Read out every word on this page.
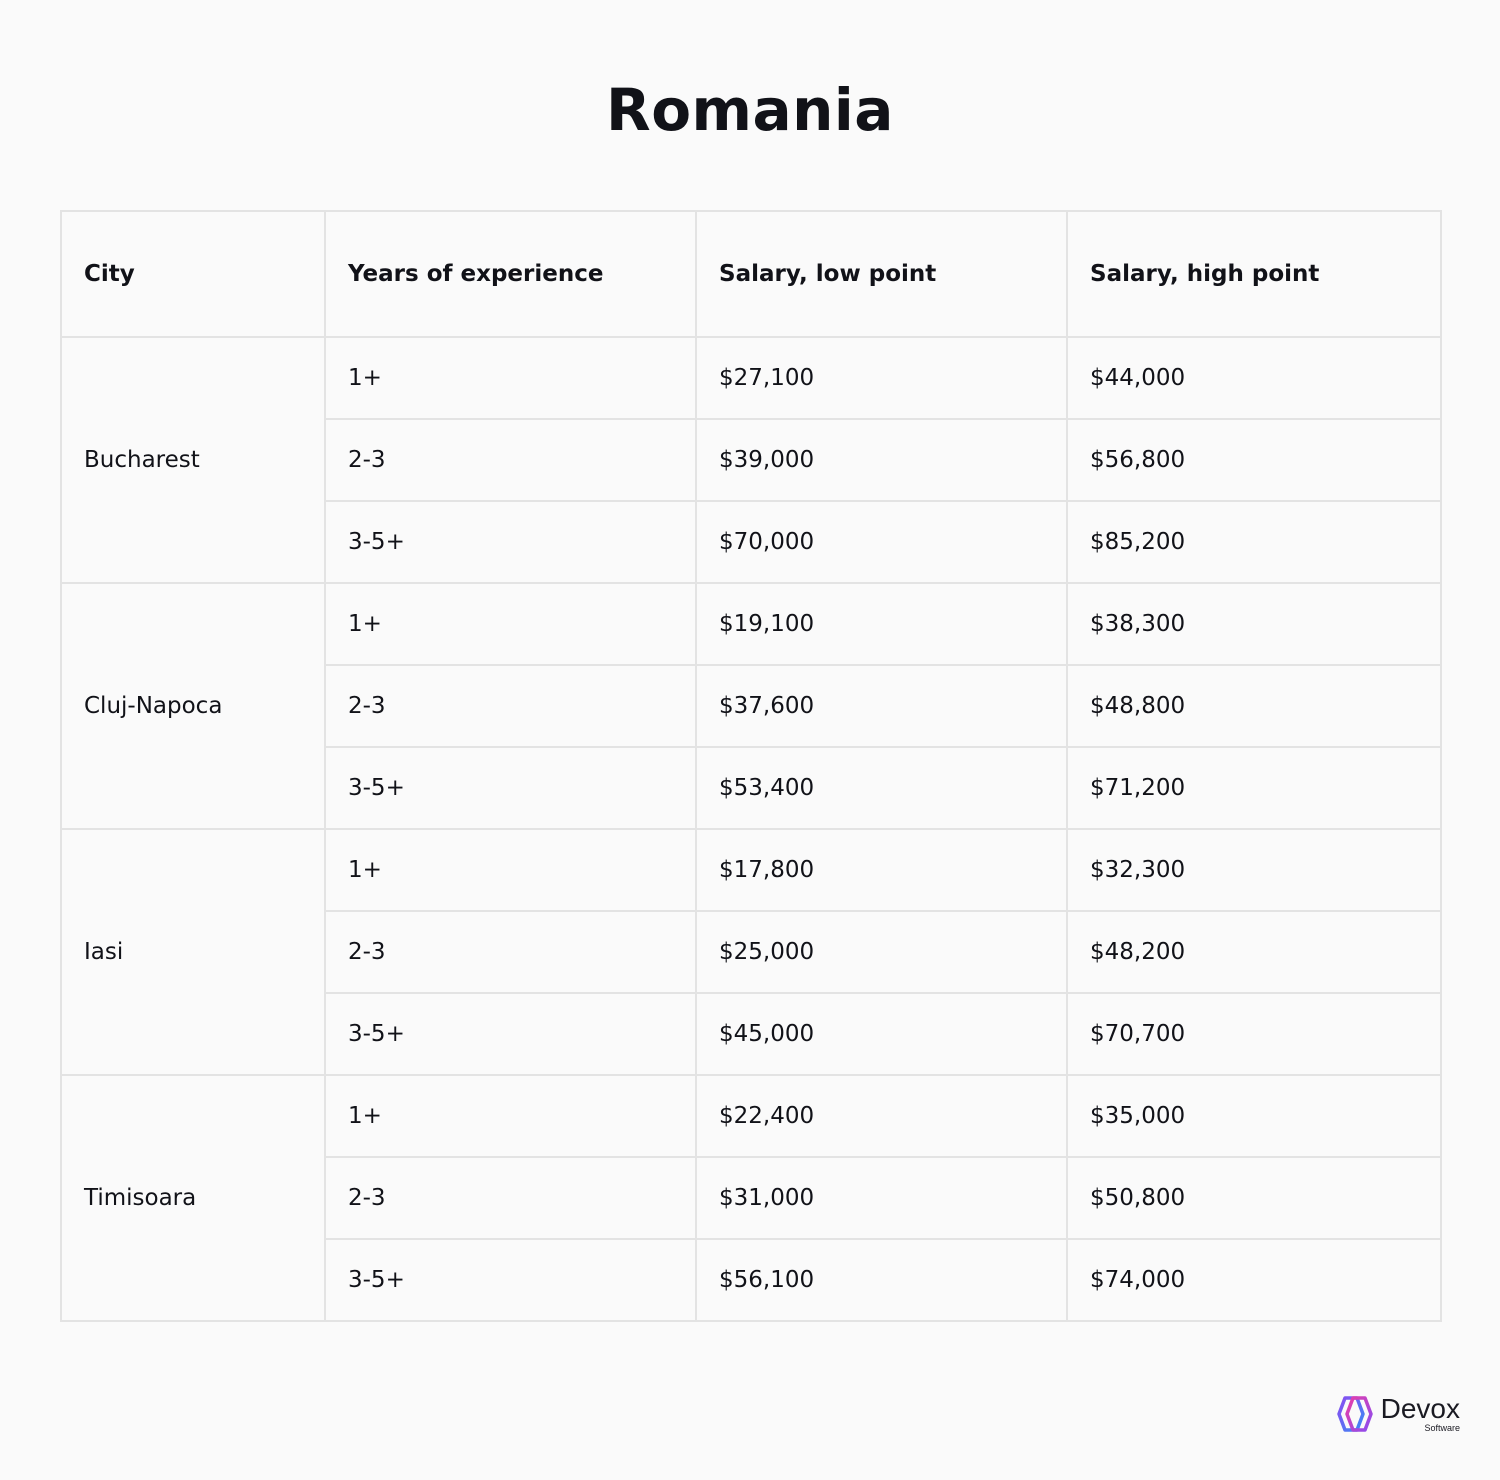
Romania
City	Years of experience	Salary, low point	Salary, high point
Bucharest	1+	$27,100	$44,000
	2-3	$39,000	$56,800
	3-5+	$70,000	$85,200
Cluj-Napoca	1+	$19,100	$38,300
	2-3	$37,600	$48,800
	3-5+	$53,400	$71,200
Iasi	1+	$17,800	$32,300
	2-3	$25,000	$48,200
	3-5+	$45,000	$70,700
Timisoara	1+	$22,400	$35,000
	2-3	$31,000	$50,800
	3-5+	$56,100	$74,000
Devox
Software
